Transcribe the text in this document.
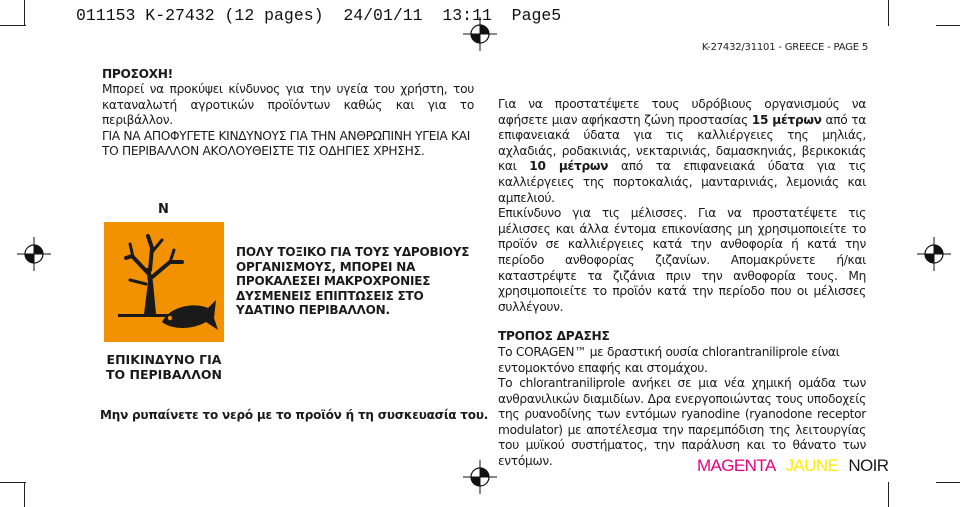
011153 K-27432 (12 pages)  24/01/11  13:11  Page5
K-27432/31101 - GREECE - PAGE 5
ΠΡΟΣΟΧΗ!

Μπορεί να προκύψει κίνδυνος για την υγεία του χρήστη, του καταναλωτή αγροτικών προϊόντων καθώς και για το περιβάλλον.

ΓΙΑ ΝΑ ΑΠΟΦΥΓΕΤΕ ΚΙΝΔΥΝΟΥΣ ΓΙΑ ΤΗΝ ΑΝΘΡΩΠΙΝΗ ΥΓΕΙΑ ΚΑΙ ΤΟ ΠΕΡΙΒΑΛΛΟΝ ΑΚΟΛΟΥΘΕΙΣΤΕ ΤΙΣ ΟΔΗΓΙΕΣ ΧΡΗΣΗΣ.

N
ΕΠΙΚΙΝΔΥΝΟ ΓΙΑ ΤΟ ΠΕΡΙΒΑΛΛΟΝ
ΠΟΛΥ ΤΟΞΙΚΟ ΓΙΑ ΤΟΥΣ ΥΔΡΟΒΙΟΥΣ ΟΡΓΑΝΙΣΜΟΥΣ, ΜΠΟΡΕΙ ΝΑ ΠΡΟΚΑΛΕΣΕΙ ΜΑΚΡΟΧΡΟΝΙΕΣ ΔΥΣΜΕΝΕΙΣ ΕΠΙΠΤΩΣΕΙΣ ΣΤΟ ΥΔΑΤΙΝΟ ΠΕΡΙΒΑΛΛΟΝ.
Μην ρυπαίνετε το νερό με το προϊόν ή τη συσκευασία του.

Για να προστατέψετε τους υδρόβιους οργανισμούς να αφήσετε μιαν αφήκαστη ζώνη προστασίας 15 μέτρων από τα επιφανειακά ύδατα για τις καλλιέργειες της μηλιάς, αχλαδιάς, ροδακινιάς, νεκταρινιάς, δαμασκηνιάς, βερικοκιάς και 10 μέτρων από τα επιφανειακά ύδατα για τις καλλιέργειες της πορτοκαλιάς, μανταρινιάς, λεμονιάς και αμπελιού.

Επικίνδυνο για τις μέλισσες. Για να προστατέψετε τις μέλισσες και άλλα έντομα επικονίασης μη χρησιμοποιείτε το προϊόν σε καλλιέργειες κατά την ανθοφορία ή κατά την περίοδο ανθοφορίας ζιζανίων. Απομακρύνετε ή/και καταστρέψτε τα ζιζάνια πριν την ανθοφορία τους. Μη χρησιμοποιείτε το προϊόν κατά την περίοδο που οι μέλισσες συλλέγουν.

ΤΡΟΠΟΣ ΔΡΑΣΗΣ

Το CORAGEN™ με δραστική ουσία chlorantraniliprole είναι εντομοκτόνο επαφής και στομάχου.

Το chlorantraniliprole ανήκει σε μια νέα χημική ομάδα των ανθρανιλικών διαμιδίων. Δρα ενεργοποιώντας τους υποδοχείς της ρυανοδίνης των εντόμων ryanodine (ryanodone receptor modulator) με αποτέλεσμα την παρεμπόδιση της λειτουργίας του μυϊκού συστήματος, την παράλυση και το θάνατο των εντόμων.	MAGENTA JAUNE NOIR
